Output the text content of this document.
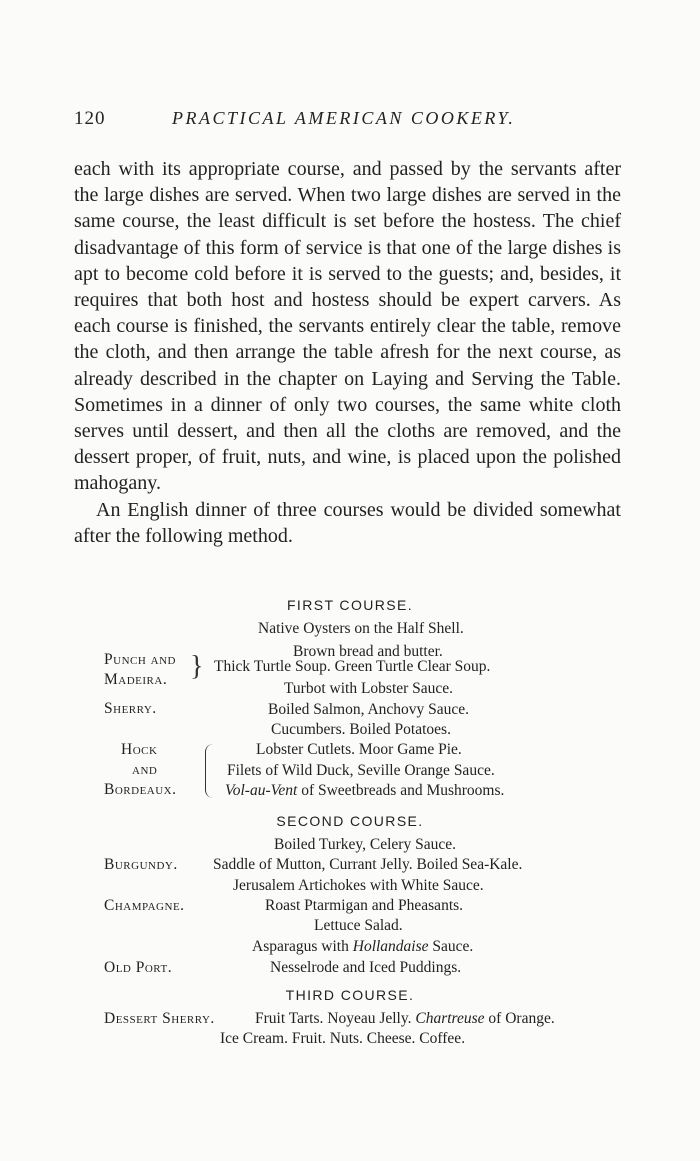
120	PRACTICAL AMERICAN COOKERY.

each with its appropriate course, and passed by the servants after the large dishes are served. When two large dishes are served in the same course, the least difficult is set before the hostess. The chief disadvantage of this form of service is that one of the large dishes is apt to become cold before it is served to the guests; and, besides, it requires that both host and hostess should be expert carvers. As each course is finished, the servants entirely clear the table, remove the cloth, and then arrange the table afresh for the next course, as already described in the chapter on Laying and Serving the Table. Sometimes in a dinner of only two courses, the same white cloth serves until dessert, and then all the cloths are removed, and the dessert proper, of fruit, nuts, and wine, is placed upon the polished mahogany.

An English dinner of three courses would be divided somewhat after the following method.

FIRST COURSE.
Native Oysters on the Half Shell.
Brown bread and butter.
Thick Turtle Soup. Green Turtle Clear Soup.
Turbot with Lobster Sauce.
Boiled Salmon, Anchovy Sauce.
Cucumbers. Boiled Potatoes.
Lobster Cutlets. Moor Game Pie.
Filets of Wild Duck, Seville Orange Sauce.
Vol-au-Vent of Sweetbreads and Mushrooms.
Punch and
Madeira. }
Sherry.
Hock
and
Bordeaux.
SECOND COURSE.
Boiled Turkey, Celery Sauce.
Saddle of Mutton, Currant Jelly. Boiled Sea-Kale.
Jerusalem Artichokes with White Sauce.
Roast Ptarmigan and Pheasants.
Lettuce Salad.
Asparagus with Hollandaise Sauce.
Nesselrode and Iced Puddings.
Burgundy.
Champagne.
Old Port.
THIRD COURSE.
Dessert Sherry.	Fruit Tarts. Noyeau Jelly. Chartreuse of Orange.
Ice Cream. Fruit. Nuts. Cheese. Coffee.
